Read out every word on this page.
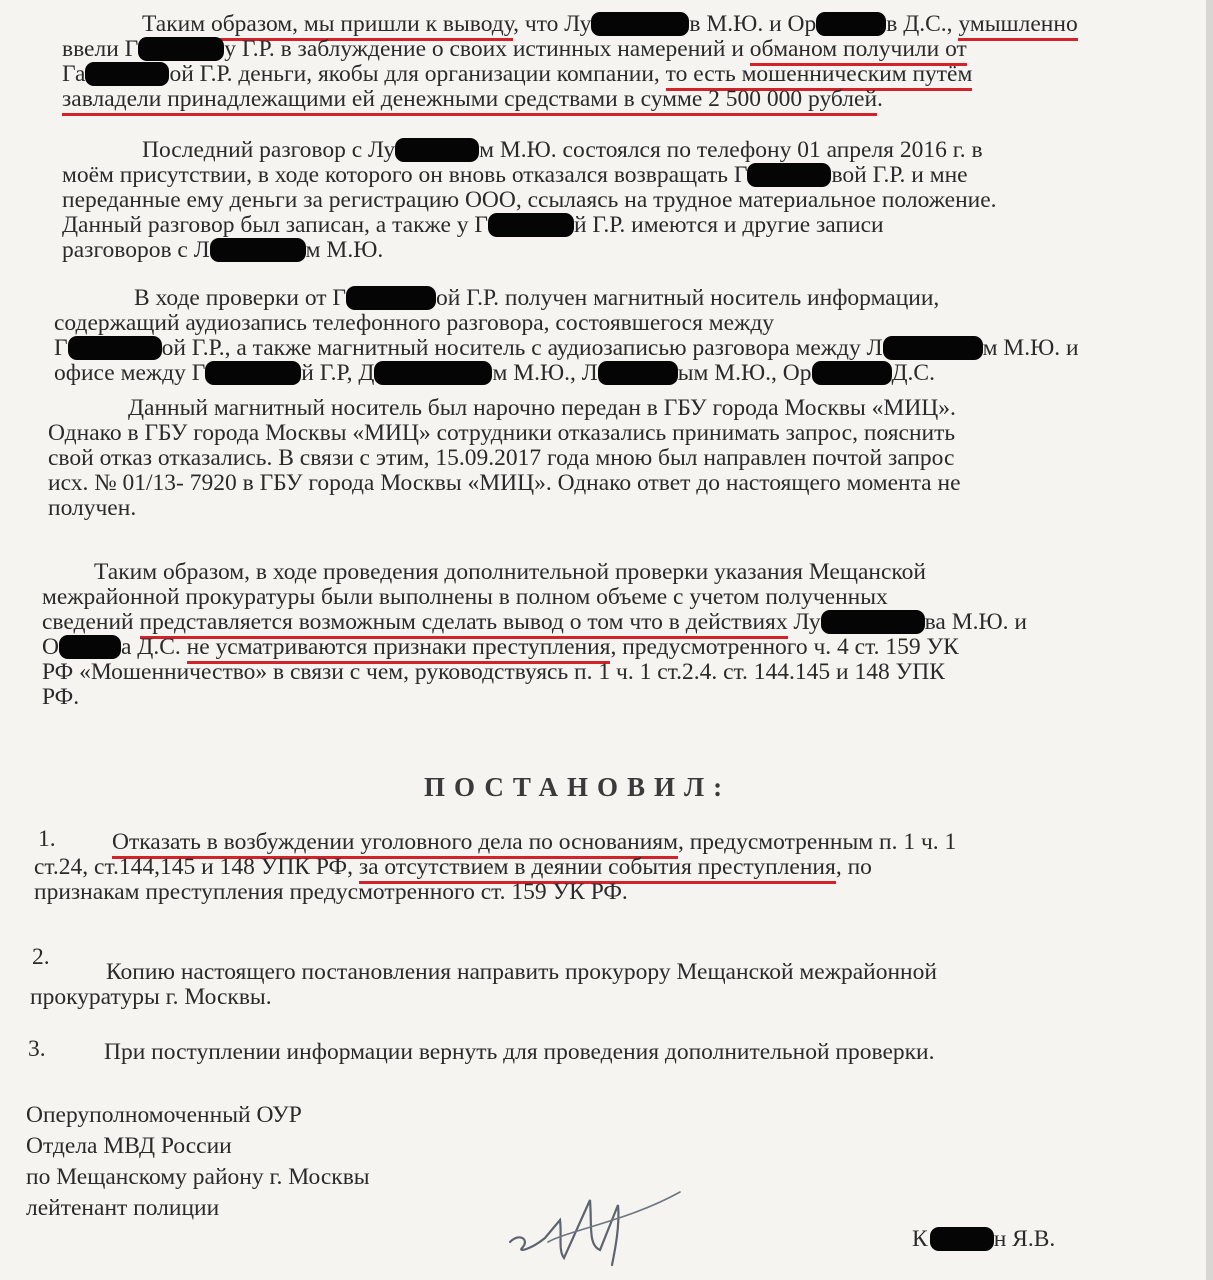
Таким образом, мы пришли к выводу, что Лу	в М.Ю. и Ор	в Д.С., умышленно
ввели Г	у Г.Р. в заблуждение о своих истинных намерений и обманом получили от
Га	ой Г.Р. деньги, якобы для организации компании, то есть мошенническим путём
завладели принадлежащими ей денежными средствами в сумме 2 500 000 рублей.
Последний разговор с Лу	м М.Ю. состоялся по телефону 01 апреля 2016 г. в
моём присутствии, в ходе которого он вновь отказался возвращать Г	вой Г.Р. и мне
переданные ему деньги за регистрацию ООО, ссылаясь на трудное материальное положение.
Данный разговор был записан, а также у Г	й Г.Р. имеются и другие записи
разговоров с Л	м М.Ю.
В ходе проверки от Г	ой Г.Р. получен магнитный носитель информации,
содержащий аудиозапись телефонного разговора, состоявшегося между
Г	ой Г.Р., а также магнитный носитель с аудиозаписью разговора между Л	м М.Ю. и
офисе между Г	й Г.Р, Д	м М.Ю., Л	ым М.Ю., Ор	Д.С.
Данный магнитный носитель был нарочно передан в ГБУ города Москвы «МИЦ».
Однако в ГБУ города Москвы «МИЦ» сотрудники отказались принимать запрос, пояснить
свой отказ отказались. В связи с этим, 15.09.2017 года мною был направлен почтой запрос
исх. № 01/13- 7920 в ГБУ города Москвы «МИЦ». Однако ответ до настоящего момента не
получен.
Таким образом, в ходе проведения дополнительной проверки указания Мещанской
межрайонной прокуратуры были выполнены в полном объеме с учетом полученных
сведений представляется возможным сделать вывод о том что в действиях Лу	ва М.Ю. и
О	а Д.С. не усматриваются признаки преступления, предусмотренного ч. 4 ст. 159 УК
РФ «Мошенничество» в связи с чем, руководствуясь п. 1 ч. 1 ст.2.4. ст. 144.145 и 148 УПК
РФ.
ПОСТАНОВИЛ:
1.	Отказать в возбуждении уголовного дела по основаниям, предусмотренным п. 1 ч. 1
ст.24, ст.144,145 и 148 УПК РФ, за отсутствием в деянии события преступления, по
признакам преступления предусмотренного ст. 159 УК РФ.
2.
Копию настоящего постановления направить прокурору Мещанской межрайонной
прокуратуры г. Москвы.
3. При поступлении информации вернуть для проведения дополнительной проверки.
Оперуполномоченный ОУР
Отдела МВД России
по Мещанскому району г. Москвы
лейтенант полиции
К	н Я.В.
